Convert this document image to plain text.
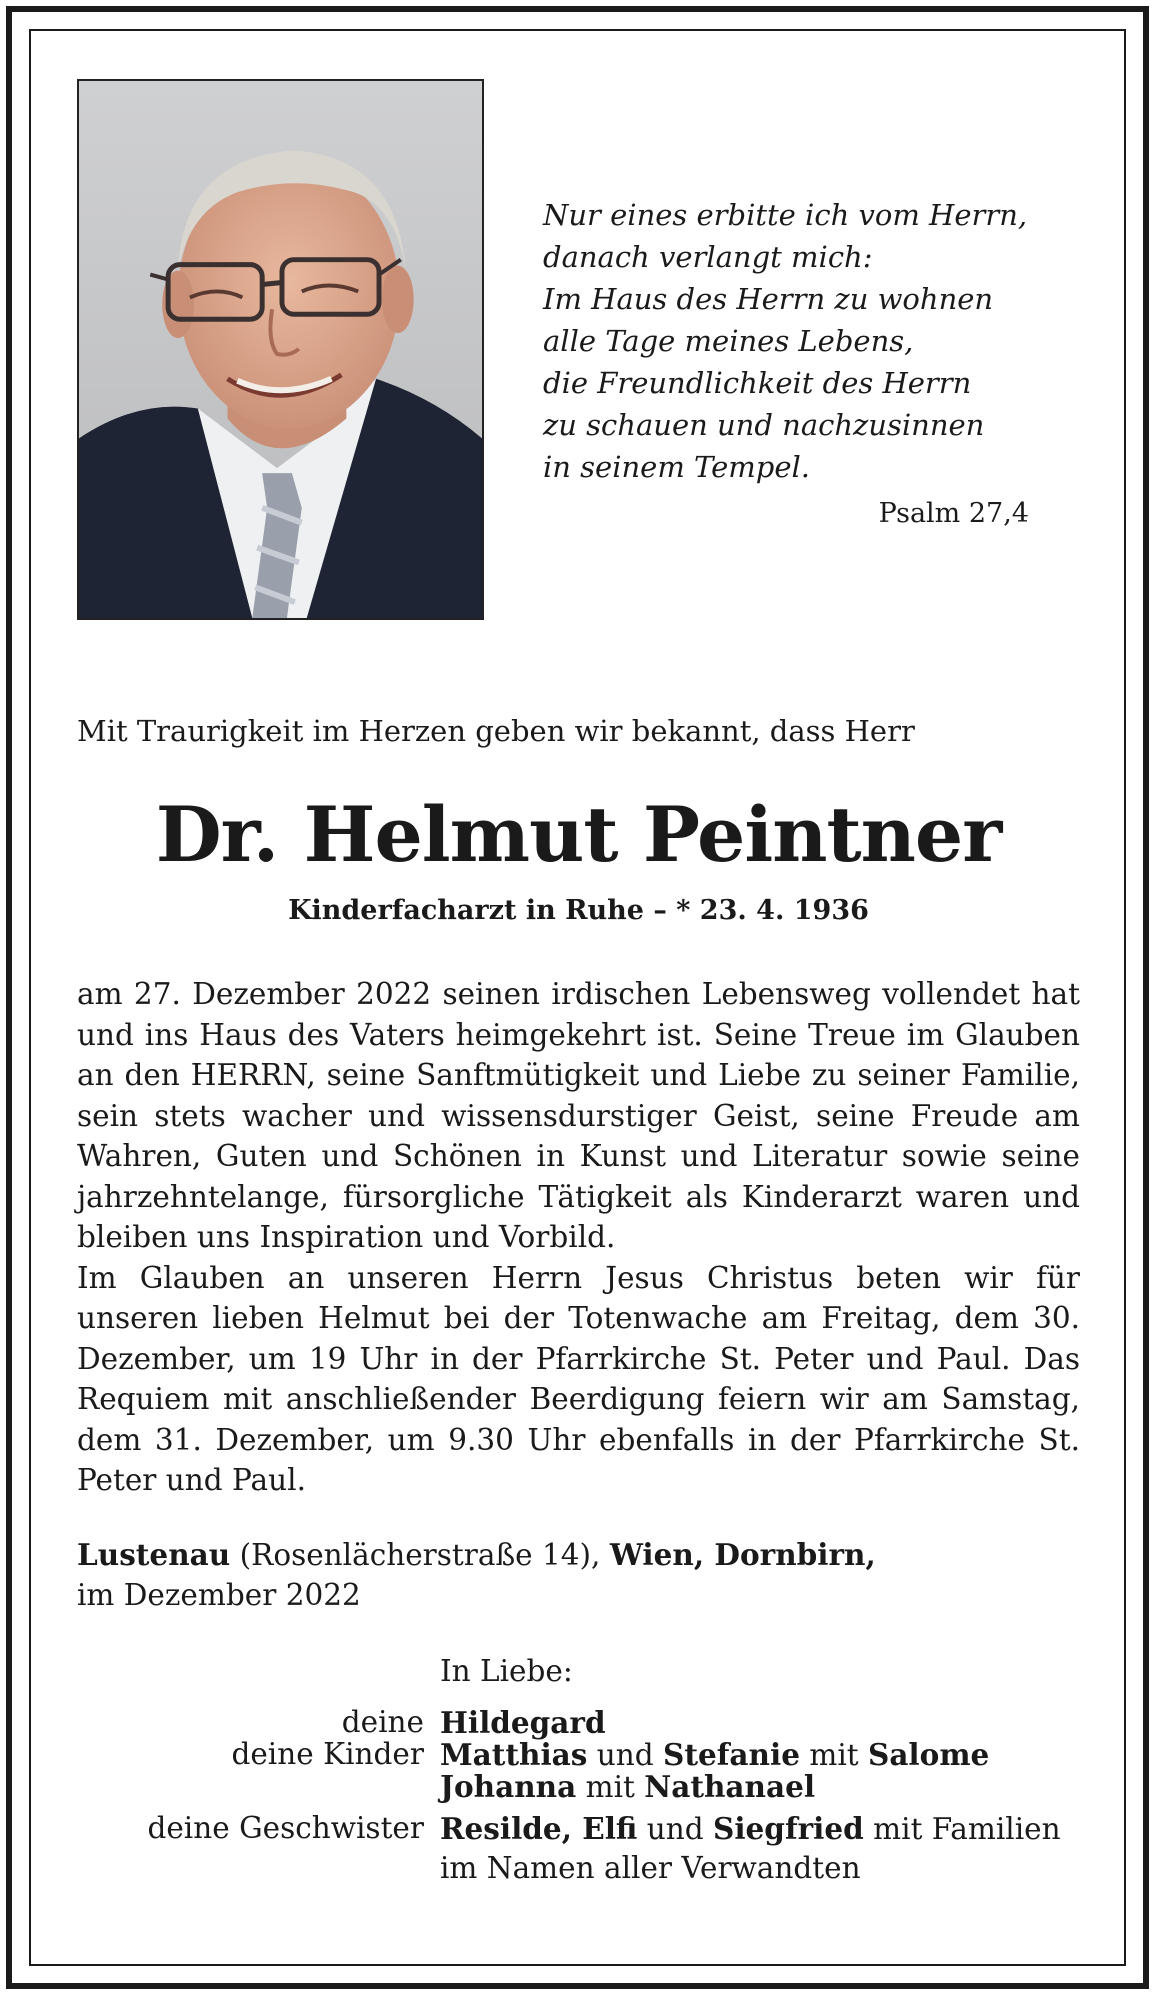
Nur eines erbitte ich vom Herrn,
danach verlangt mich:
Im Haus des Herrn zu wohnen
alle Tage meines Lebens,
die Freundlichkeit des Herrn
zu schauen und nachzusinnen
in seinem Tempel.
Psalm 27,4
Mit Traurigkeit im Herzen geben wir bekannt, dass Herr
Dr. Helmut Peintner
Kinderfacharzt in Ruhe – * 23. 4. 1936

am 27. Dezember 2022 seinen irdischen Lebensweg vollendet hat und ins Haus des Vaters heimgekehrt ist. Seine Treue im Glauben an den HERRN, seine Sanftmütigkeit und Liebe zu seiner Familie, sein stets wacher und wissensdurstiger Geist, seine Freude am Wahren, Guten und Schönen in Kunst und Literatur sowie seine jahrzehntelange, fürsorgliche Tätigkeit als Kinderarzt waren und bleiben uns Inspiration und Vorbild.

Im Glauben an unseren Herrn Jesus Christus beten wir für unseren lieben Helmut bei der Totenwache am Freitag, dem 30. Dezember, um 19 Uhr in der Pfarrkirche St. Peter und Paul. Das Requiem mit anschließender Beerdigung feiern wir am Samstag, dem 31. Dezember, um 9.30 Uhr ebenfalls in der Pfarrkirche St. Peter und Paul.

Lustenau (Rosenlächerstraße 14), Wien, Dornbirn,
im Dezember 2022
In Liebe:
deine Hildegard
deine Kinder Matthias und Stefanie mit Salome
Johanna mit Nathanael
deine Geschwister Resilde, Elfi und Siegfried mit Familien
im Namen aller Verwandten
